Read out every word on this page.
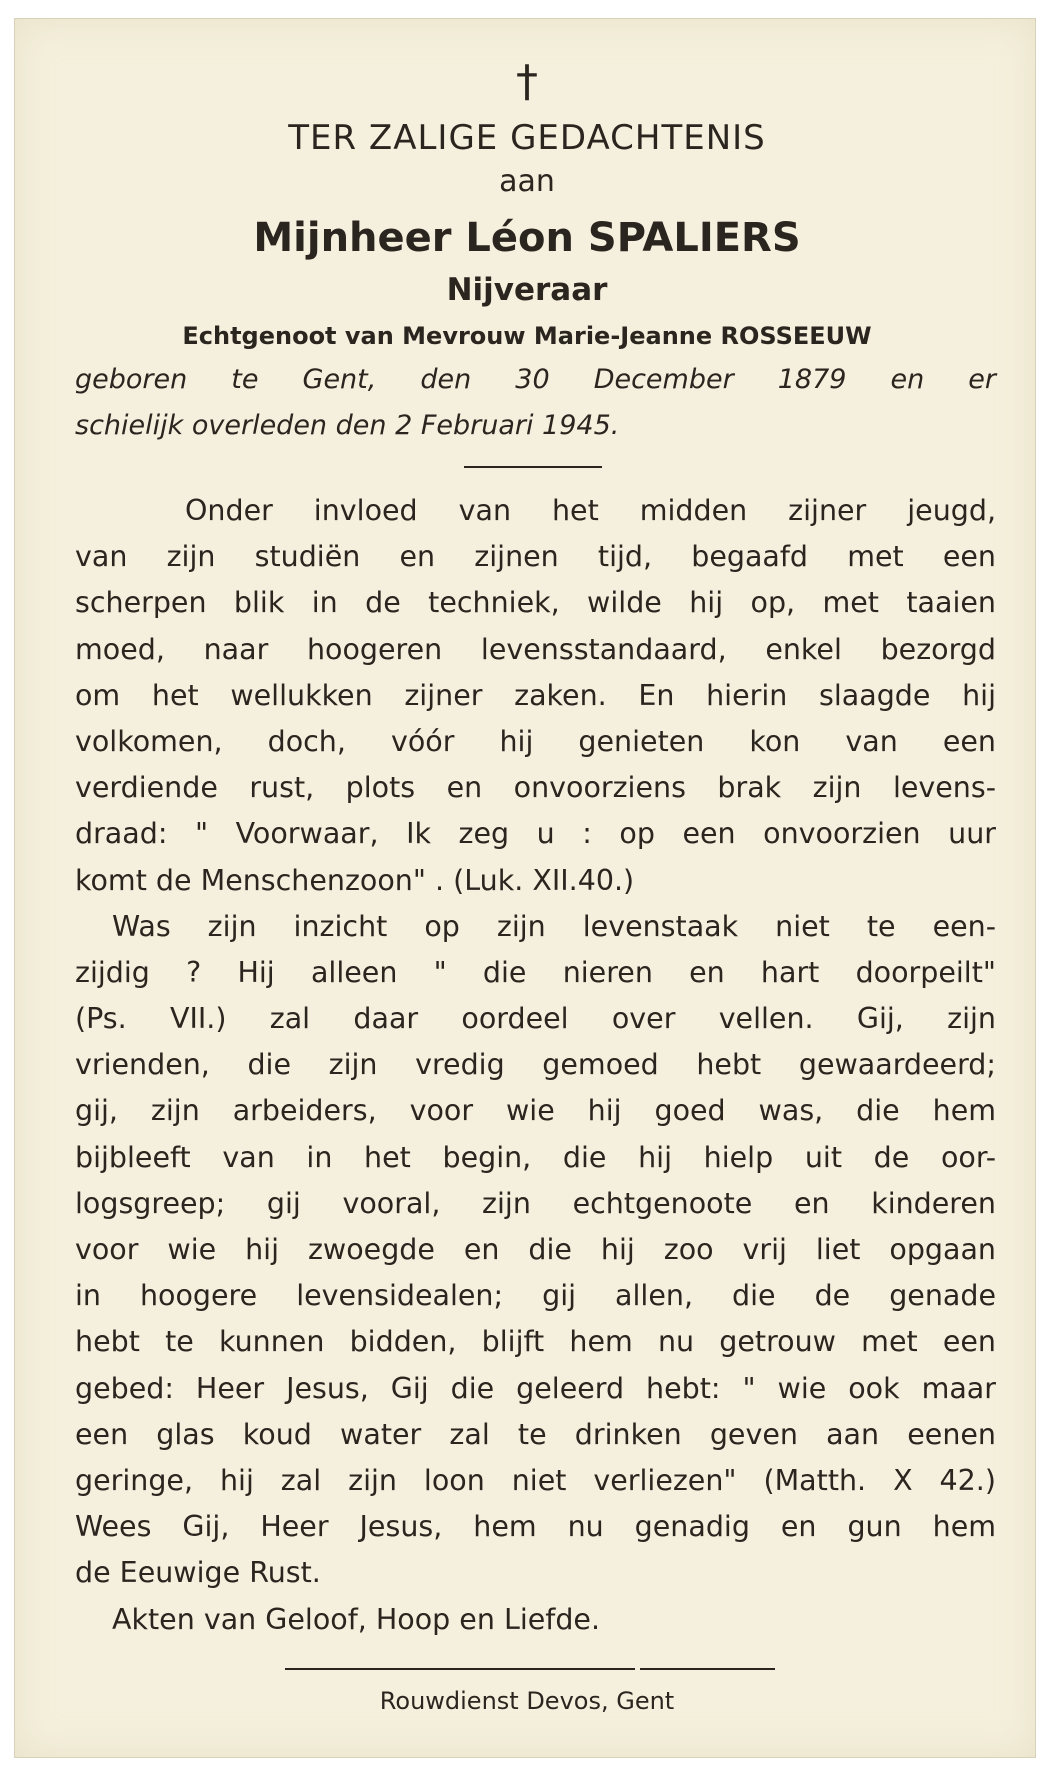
†
TER ZALIGE GEDACHTENIS
aan
Mijnheer Léon SPALIERS
Nijveraar
Echtgenoot van Mevrouw Marie-Jeanne ROSSEEUW
geboren te Gent, den 30 December 1879 en er
schielijk overleden den 2 Februari 1945.
Onder invloed van het midden zijner jeugd,
van zijn studiën en zijnen tijd, begaafd met een
scherpen blik in de techniek, wilde hij op, met taaien
moed, naar hoogeren levensstandaard, enkel bezorgd
om het wellukken zijner zaken. En hierin slaagde hij
volkomen, doch, vóór hij genieten kon van een
verdiende rust, plots en onvoorziens brak zijn levens-
draad: " Voorwaar, Ik zeg u : op een onvoorzien uur
komt de Menschenzoon" . (Luk. XII.40.)
Was zijn inzicht op zijn levenstaak niet te een-
zijdig ? Hij alleen " die nieren en hart doorpeilt"
(Ps. VII.) zal daar oordeel over vellen. Gij, zijn
vrienden, die zijn vredig gemoed hebt gewaardeerd;
gij, zijn arbeiders, voor wie hij goed was, die hem
bijbleeft van in het begin, die hij hielp uit de oor-
logsgreep; gij vooral, zijn echtgenoote en kinderen
voor wie hij zwoegde en die hij zoo vrij liet opgaan
in hoogere levensidealen; gij allen, die de genade
hebt te kunnen bidden, blijft hem nu getrouw met een
gebed: Heer Jesus, Gij die geleerd hebt: " wie ook maar
een glas koud water zal te drinken geven aan eenen
geringe, hij zal zijn loon niet verliezen" (Matth. X 42.)
Wees Gij, Heer Jesus, hem nu genadig en gun hem
de Eeuwige Rust.
Akten van Geloof, Hoop en Liefde.
Rouwdienst Devos, Gent
